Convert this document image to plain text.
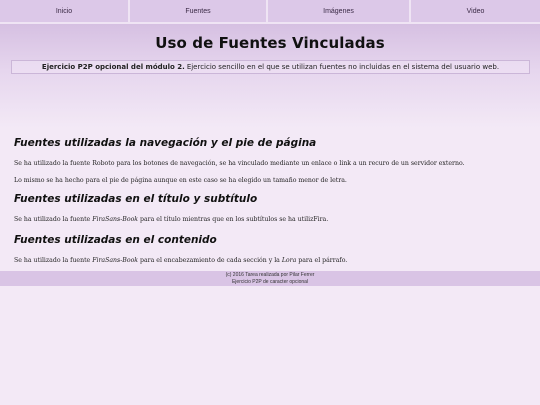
Inicio	Fuentes	Imágenes	Video
Uso de Fuentes Vinculadas
Ejercicio P2P opcional del módulo 2. Ejercicio sencillo en el que se utilizan fuentes no incluidas en el sistema del usuario web.
Fuentes utilizadas la navegación y el pie de página

Se ha utilizado la fuente Roboto para los botones de navegación, se ha vinculado mediante un enlace o link a un recuro de un servidor externo.

Lo mismo se ha hecho para el pie de página aunque en este caso se ha elegido un tamaño menor de letra.

Fuentes utilizadas en el título y subtítulo

Se ha utilizado la fuente FiraSans-Book para el título mientras que en los subtítulos se ha utilizFira.

Fuentes utilizadas en el contenido

Se ha utilizado la fuente FiraSans-Book para el encabezamiento de cada sección y la Lora para el párrafo.

(c) 2016 Tarea realizada por Pilar Ferrer
Ejercicio P2P de caracter opcional
